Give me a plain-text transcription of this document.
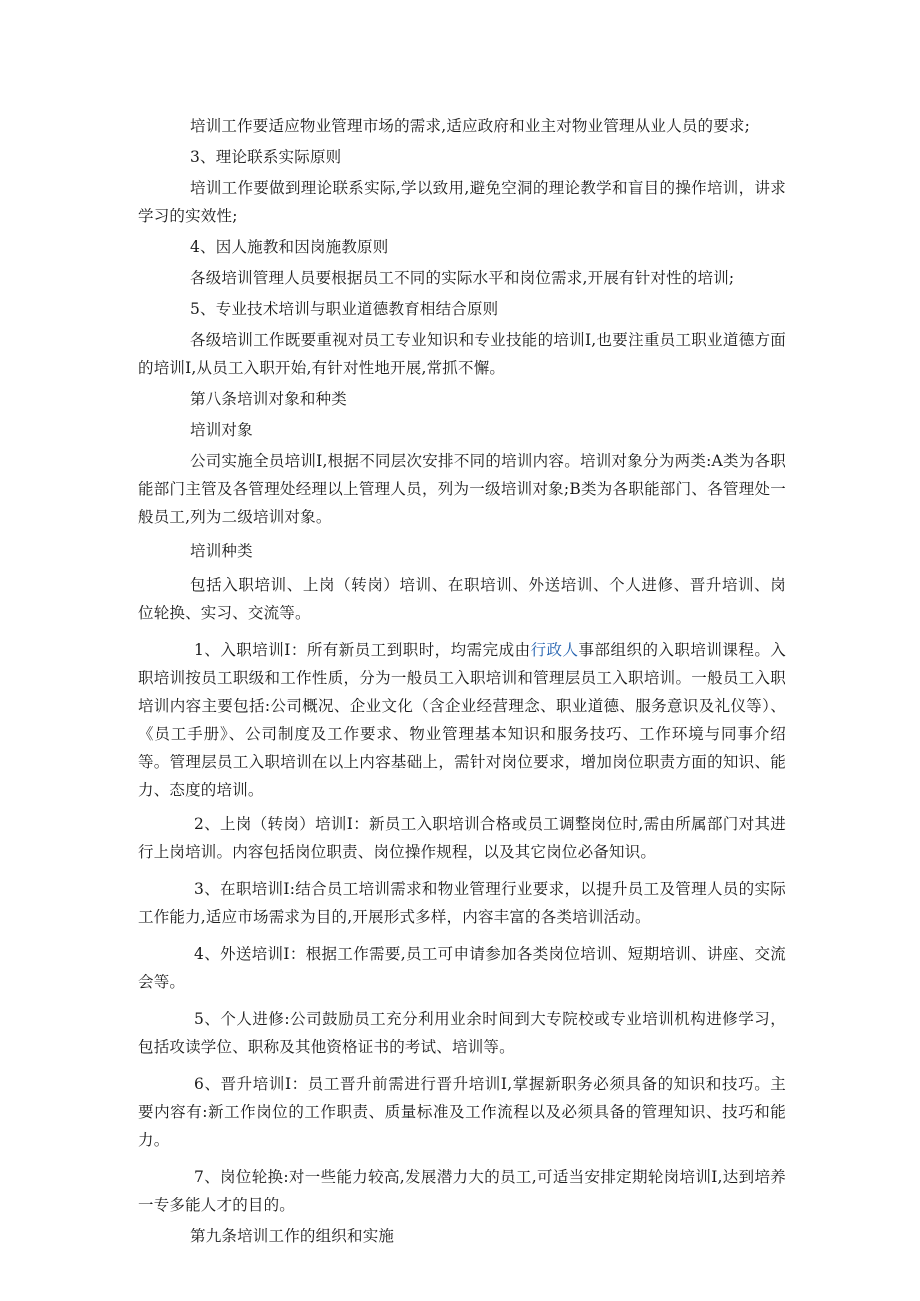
培训工作要适应物业管理市场的需求,适应政府和业主对物业管理从业人员的要求;

3、理论联系实际原则

培训工作要做到理论联系实际,学以致用,避免空洞的理论教学和盲目的操作培训，讲求学习的实效性;

4、因人施教和因岗施教原则

各级培训管理人员要根据员工不同的实际水平和岗位需求,开展有针对性的培训;

5、专业技术培训与职业道德教育相结合原则

各级培训工作既要重视对员工专业知识和专业技能的培训I,也要注重员工职业道德方面的培训I,从员工入职开始,有针对性地开展,常抓不懈。

第八条培训对象和种类

培训对象

公司实施全员培训I,根据不同层次安排不同的培训内容。培训对象分为两类:A类为各职能部门主管及各管理处经理以上管理人员，列为一级培训对象;B类为各职能部门、各管理处一般员工,列为二级培训对象。

培训种类

包括入职培训、上岗（转岗）培训、在职培训、外送培训、个人进修、晋升培训、岗位轮换、实习、交流等。

1、入职培训I：所有新员工到职时，均需完成由行政人事部组织的入职培训课程。入职培训按员工职级和工作性质，分为一般员工入职培训和管理层员工入职培训。一般员工入职培训内容主要包括:公司概况、企业文化（含企业经营理念、职业道德、服务意识及礼仪等）、《员工手册》、公司制度及工作要求、物业管理基本知识和服务技巧、工作环境与同事介绍等。管理层员工入职培训在以上内容基础上，需针对岗位要求，增加岗位职责方面的知识、能力、态度的培训。

2、上岗（转岗）培训I：新员工入职培训合格或员工调整岗位时,需由所属部门对其进行上岗培训。内容包括岗位职责、岗位操作规程，以及其它岗位必备知识。

3、在职培训I:结合员工培训需求和物业管理行业要求，以提升员工及管理人员的实际工作能力,适应市场需求为目的,开展形式多样，内容丰富的各类培训活动。

4、外送培训I：根据工作需要,员工可申请参加各类岗位培训、短期培训、讲座、交流会等。

5、个人进修:公司鼓励员工充分利用业余时间到大专院校或专业培训机构进修学习，包括攻读学位、职称及其他资格证书的考试、培训等。

6、晋升培训I：员工晋升前需进行晋升培训I,掌握新职务必须具备的知识和技巧。主要内容有:新工作岗位的工作职责、质量标准及工作流程以及必须具备的管理知识、技巧和能力。

7、岗位轮换:对一些能力较高,发展潜力大的员工,可适当安排定期轮岗培训I,达到培养一专多能人才的目的。

第九条培训工作的组织和实施
